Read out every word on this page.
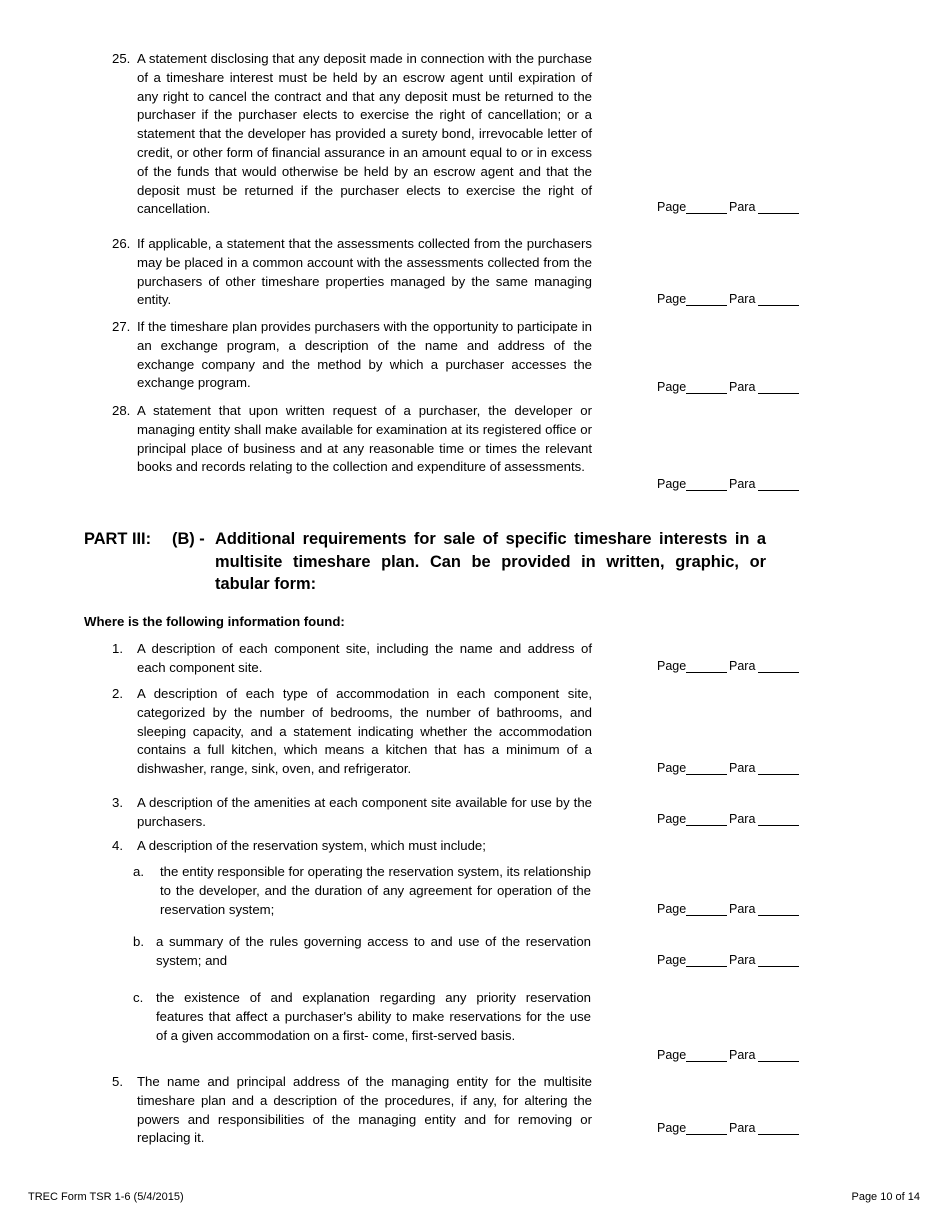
25. A statement disclosing that any deposit made in connection with the purchase of a timeshare interest must be held by an escrow agent until expiration of any right to cancel the contract and that any deposit must be returned to the purchaser if the purchaser elects to exercise the right of cancellation; or a statement that the developer has provided a surety bond, irrevocable letter of credit, or other form of financial assurance in an amount equal to or in excess of the funds that would otherwise be held by an escrow agent and that the deposit must be returned if the purchaser elects to exercise the right of cancellation.	Page	Para
26. If applicable, a statement that the assessments collected from the purchasers may be placed in a common account with the assessments collected from the purchasers of other timeshare properties managed by the same managing entity.	Page	Para
27. If the timeshare plan provides purchasers with the opportunity to participate in an exchange program, a description of the name and address of the exchange company and the method by which a purchaser accesses the exchange program.	Page	Para
28. A statement that upon written request of a purchaser, the developer or managing entity shall make available for examination at its registered office or principal place of business and at any reasonable time or times the relevant books and records relating to the collection and expenditure of assessments.
Page	Para
PART III: (B) - Additional requirements for sale of specific timeshare interests in a multisite timeshare plan. Can be provided in written, graphic, or tabular form:
Where is the following information found:
1.	A description of each component site, including the name and address of each component site.	Page	Para
2.	A description of each type of accommodation in each component site, categorized by the number of bedrooms, the number of bathrooms, and sleeping capacity, and a statement indicating whether the accommodation contains a full kitchen, which means a kitchen that has a minimum of a dishwasher, range, sink, oven, and refrigerator.	Page	Para
3.	A description of the amenities at each component site available for use by the purchasers.	Page	Para
4.	A description of the reservation system, which must include;
a.	the entity responsible for operating the reservation system, its relationship to the developer, and the duration of any agreement for operation of the reservation system;	Page	Para
b. a summary of the rules governing access to and use of the reservation system; and	Page	Para
c. the existence of and explanation regarding any priority reservation features that affect a purchaser's ability to make reservations for the use of a given accommodation on a first- come, first-served basis.
Page	Para
5.	The name and principal address of the managing entity for the multisite timeshare plan and a description of the procedures, if any, for altering the powers and responsibilities of the managing entity and for removing or replacing it.
Page	Para
TREC Form TSR 1-6 (5/4/2015)	Page 10 of 14
